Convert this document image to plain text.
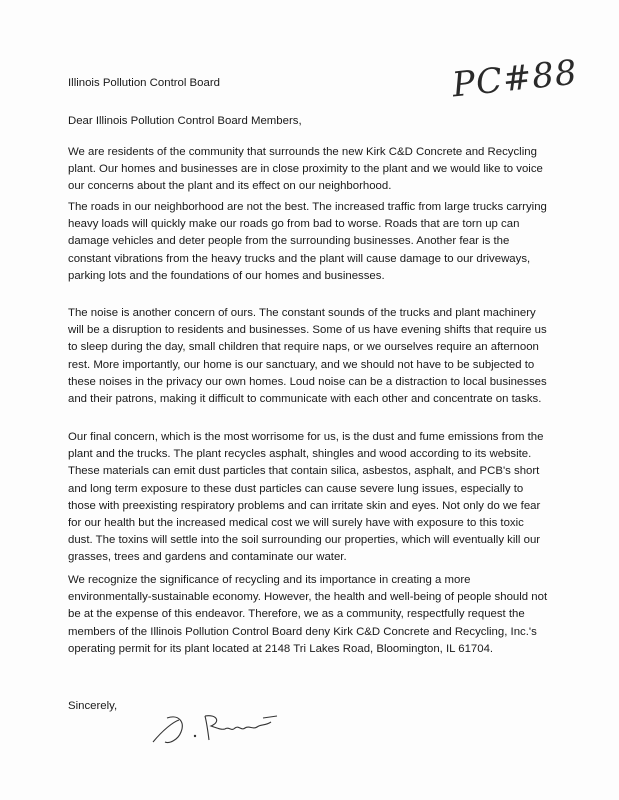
Illinois Pollution Control Board	PC#88

Dear Illinois Pollution Control Board Members,

We are residents of the community that surrounds the new Kirk C&D Concrete and Recycling plant. Our homes and businesses are in close proximity to the plant and we would like to voice our concerns about the plant and its effect on our neighborhood.

The roads in our neighborhood are not the best. The increased traffic from large trucks carrying heavy loads will quickly make our roads go from bad to worse. Roads that are torn up can damage vehicles and deter people from the surrounding businesses. Another fear is the constant vibrations from the heavy trucks and the plant will cause damage to our driveways, parking lots and the foundations of our homes and businesses.

The noise is another concern of ours. The constant sounds of the trucks and plant machinery will be a disruption to residents and businesses. Some of us have evening shifts that require us to sleep during the day, small children that require naps, or we ourselves require an afternoon rest. More importantly, our home is our sanctuary, and we should not have to be subjected to these noises in the privacy our own homes. Loud noise can be a distraction to local businesses and their patrons, making it difficult to communicate with each other and concentrate on tasks.

Our final concern, which is the most worrisome for us, is the dust and fume emissions from the plant and the trucks. The plant recycles asphalt, shingles and wood according to its website. These materials can emit dust particles that contain silica, asbestos, asphalt, and PCB's short and long term exposure to these dust particles can cause severe lung issues, especially to those with preexisting respiratory problems and can irritate skin and eyes. Not only do we fear for our health but the increased medical cost we will surely have with exposure to this toxic dust. The toxins will settle into the soil surrounding our properties, which will eventually kill our grasses, trees and gardens and contaminate our water.

We recognize the significance of recycling and its importance in creating a more environmentally-sustainable economy. However, the health and well-being of people should not be at the expense of this endeavor. Therefore, we as a community, respectfully request the members of the Illinois Pollution Control Board deny Kirk C&D Concrete and Recycling, Inc.'s operating permit for its plant located at 2148 Tri Lakes Road, Bloomington, IL 61704.

Sincerely,
